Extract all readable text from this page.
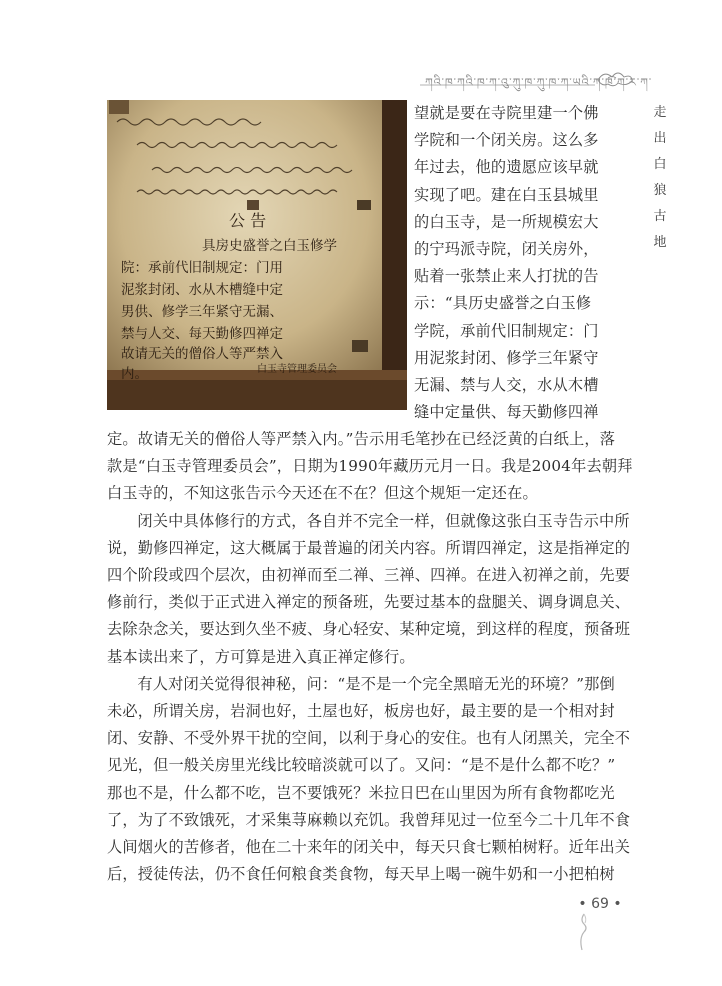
ཀའི་ཁ་ཀའི་ཁ་ཀ་འུ་ཀུ་ཁ་ཀུ་ཁ་ཀ་ཡའི་ཀ་ཁ་ཀ་ར་ཀ་
走
出
白
狼
古
地
公 告
具房史盛誉之白玉修学
院：承前代旧制规定：门用
泥浆封闭、水从木槽缝中定
男供、修学三年紧守无漏、
禁与人交、每天勤修四禅定
故请无关的僧俗人等严禁入
内。	白玉寺管理委员会
望就是要在寺院里建一个佛
学院和一个闭关房。这么多
年过去，他的遗愿应该早就
实现了吧。建在白玉县城里
的白玉寺，是一所规模宏大
的宁玛派寺院，闭关房外，
贴着一张禁止来人打扰的告
示：“具历史盛誉之白玉修
学院，承前代旧制规定：门
用泥浆封闭、修学三年紧守
无漏、禁与人交，水从木槽
缝中定量供、每天勤修四禅
定。故请无关的僧俗人等严禁入内。”告示用毛笔抄在已经泛黄的白纸上，落
款是“白玉寺管理委员会”，日期为1990年藏历元月一日。我是2004年去朝拜
白玉寺的，不知这张告示今天还在不在？但这个规矩一定还在。
闭关中具体修行的方式，各自并不完全一样，但就像这张白玉寺告示中所
说，勤修四禅定，这大概属于最普遍的闭关内容。所谓四禅定，这是指禅定的
四个阶段或四个层次，由初禅而至二禅、三禅、四禅。在进入初禅之前，先要
修前行，类似于正式进入禅定的预备班，先要过基本的盘腿关、调身调息关、
去除杂念关，要达到久坐不疲、身心轻安、某种定境，到这样的程度，预备班
基本读出来了，方可算是进入真正禅定修行。
有人对闭关觉得很神秘，问：“是不是一个完全黑暗无光的环境？”那倒
未必，所谓关房，岩洞也好，土屋也好，板房也好，最主要的是一个相对封
闭、安静、不受外界干扰的空间，以利于身心的安住。也有人闭黑关，完全不
见光，但一般关房里光线比较暗淡就可以了。又问：“是不是什么都不吃？”
那也不是，什么都不吃，岂不要饿死？米拉日巴在山里因为所有食物都吃光
了，为了不致饿死，才采集荨麻赖以充饥。我曾拜见过一位至今二十几年不食
人间烟火的苦修者，他在二十来年的闭关中，每天只食七颗柏树籽。近年出关
后，授徒传法，仍不食任何粮食类食物，每天早上喝一碗牛奶和一小把柏树
• 69 •
